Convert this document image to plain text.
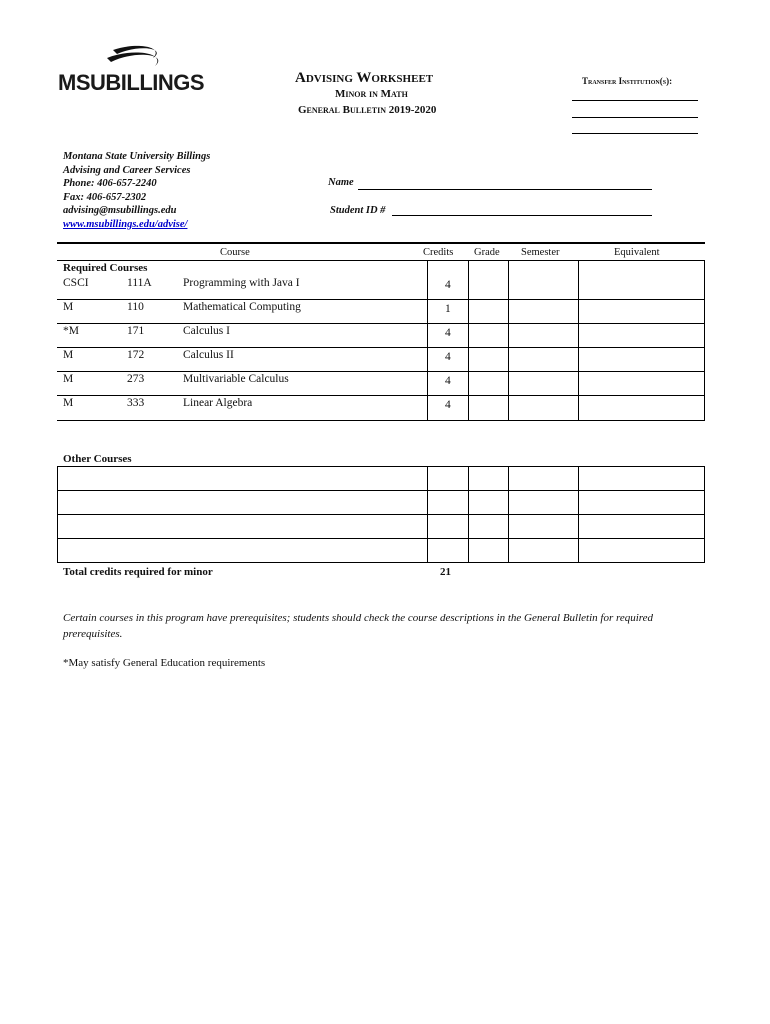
MSUBILLINGS	Advising Worksheet
Minor in Math
General Bulletin 2019-2020
Transfer Institution(s):
Montana State University Billings
Advising and Career Services
Phone: 406-657-2240
Fax: 406-657-2302
advising@msubillings.edu
www.msubillings.edu/advise/
Name
Student ID #
Course	Credits Grade Semester	Equivalent
Required Courses
CSCI	111A	Programming with Java I	4
M	110	Mathematical Computing	1
*M	171	Calculus I	4
M	172	Calculus II	4
M	273	Multivariable Calculus	4
M	333	Linear Algebra	4
Other Courses
Total credits required for minor	21
Certain courses in this program have prerequisites; students should check the course descriptions in the General Bulletin for required prerequisites.
*May satisfy General Education requirements
